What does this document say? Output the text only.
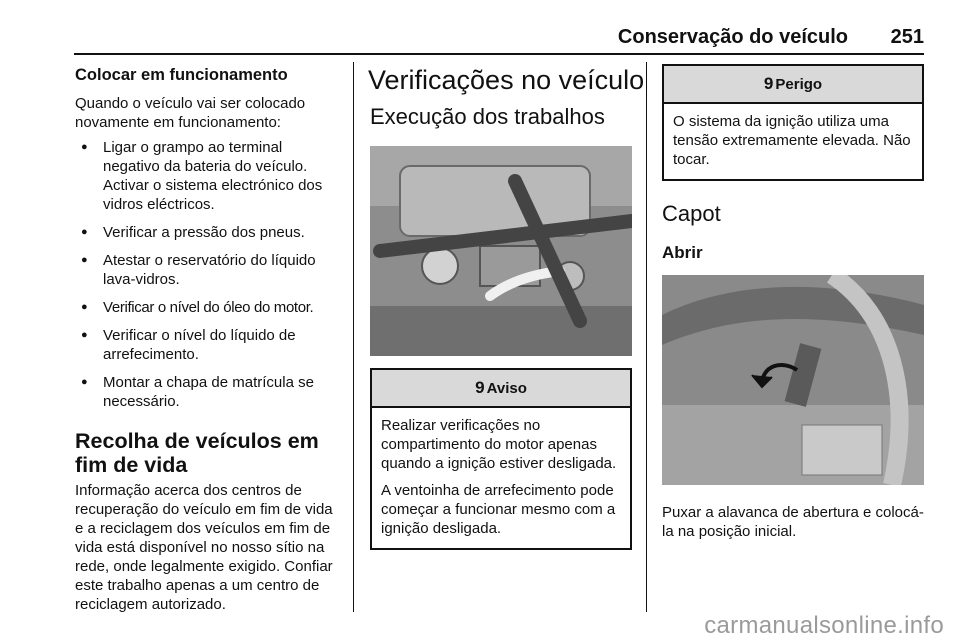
Conservação do veículo 251
Colocar em funcionamento

Quando o veículo vai ser colocado novamente em funcionamento:

● Ligar o grampo ao terminal negativo da bateria do veículo. Activar o sistema electrónico dos vidros eléctricos.
● Verificar a pressão dos pneus.
● Atestar o reservatório do líquido lava-vidros.
● Verificar o nível do óleo do motor.
● Verificar o nível do líquido de arrefecimento.
● Montar a chapa de matrícula se necessário.
Recolha de veículos em fim de vida

Informação acerca dos centros de recuperação do veículo em fim de vida e a reciclagem dos veículos em fim de vida está disponível no nosso sítio na rede, onde legalmente exigido. Confiar este trabalho apenas a um centro de reciclagem autorizado.

Verificações no veículo
Execução dos trabalhos
9 Aviso

Realizar verificações no compartimento do motor apenas quando a ignição estiver desligada.

A ventoinha de arrefecimento pode começar a funcionar mesmo com a ignição desligada.

9 Perigo

O sistema da ignição utiliza uma tensão extremamente elevada. Não tocar.

Capot
Abrir

Puxar a alavanca de abertura e colocá-la na posição inicial.

carmanualsonline.info
